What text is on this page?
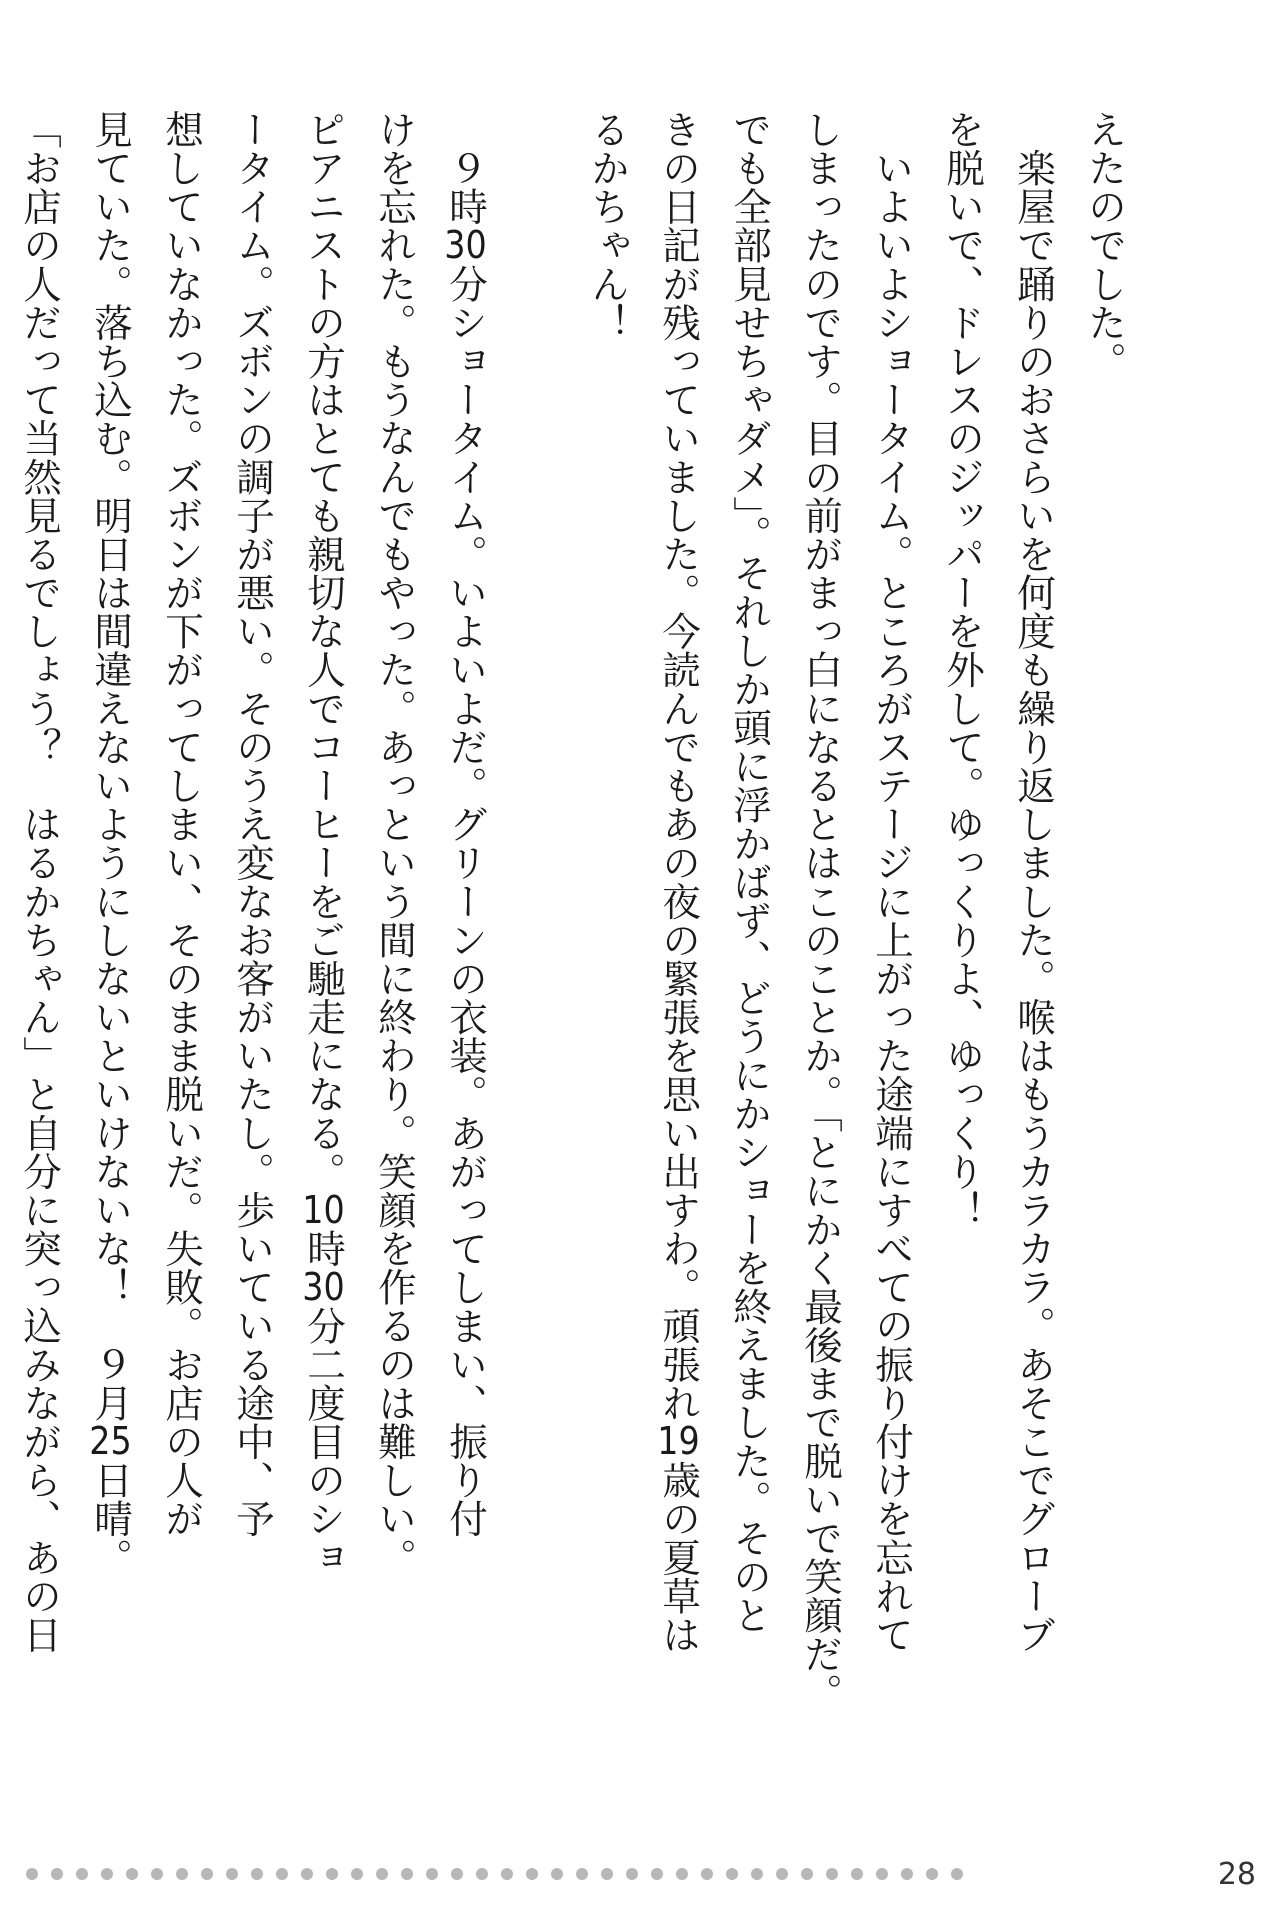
えたのでした。
　楽屋で踊りのおさらいを何度も繰り返しました。喉はもうカラカラ。あそこでグローブ
を脱いで、ドレスのジッパーを外して。ゆっくりよ、ゆっくり！
　いよいよショータイム。ところがステージに上がった途端にすべての振り付けを忘れて
しまったのです。目の前がまっ白になるとはこのことか。「とにかく最後まで脱いで笑顔だ。
でも全部見せちゃダメ」。それしか頭に浮かばず、どうにかショーを終えました。そのと
きの日記が残っていました。今読んでもあの夜の緊張を思い出すわ。頑張れ19歳の夏草は
るかちゃん！
　９時30分ショータイム。いよいよだ。グリーンの衣装。あがってしまい、振り付
けを忘れた。もうなんでもやった。あっという間に終わり。笑顔を作るのは難しい。
ピアニストの方はとても親切な人でコーヒーをご馳走になる。10時30分二度目のショ
ータイム。ズボンの調子が悪い。そのうえ変なお客がいたし。歩いている途中、予
想していなかった。ズボンが下がってしまい、そのまま脱いだ。失敗。お店の人が
見ていた。落ち込む。明日は間違えないようにしないといけないな！　９月25日晴。
「お店の人だって当然見るでしょう？　はるかちゃん」と自分に突っ込みながら、あの日
28
